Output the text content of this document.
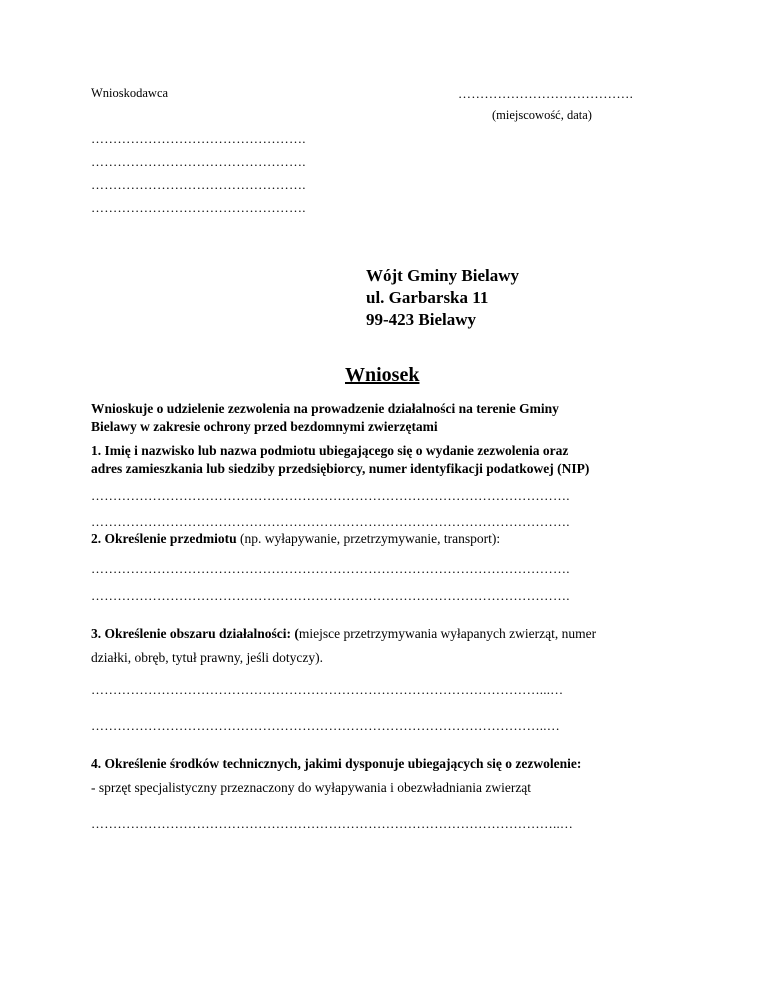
Wnioskodawca	………………………………….
(miejscowość, data)
………………………………………….
………………………………………….
………………………………………….
………………………………………….
Wójt Gminy Bielawy
ul. Garbarska 11
99-423 Bielawy
Wniosek
Wnioskuje o udzielenie zezwolenia na prowadzenie działalności na terenie Gminy
Bielawy w zakresie ochrony przed bezdomnymi zwierzętami
1. Imię i nazwisko lub nazwa podmiotu ubiegającego się o wydanie zezwolenia oraz
adres zamieszkania lub siedziby przedsiębiorcy, numer identyfikacji podatkowej (NIP)
……………………………………………………………………………………………….
……………………………………………………………………………………………….
2. Określenie przedmiotu (np. wyłapywanie, przetrzymywanie, transport):
……………………………………………………………………………………………….
……………………………………………………………………………………………….
3. Określenie obszaru działalności: (miejsce przetrzymywania wyłapanych zwierząt, numer
działki, obręb, tytuł prawny, jeśli dotyczy).
…………………………………………………………………………………………...…
…………………………………………………………………………………………..…
4. Określenie środków technicznych, jakimi dysponuje ubiegających się o zezwolenie:
- sprzęt specjalistyczny przeznaczony do wyłapywania i obezwładniania zwierząt
……………………………………………………………………………………………..…
